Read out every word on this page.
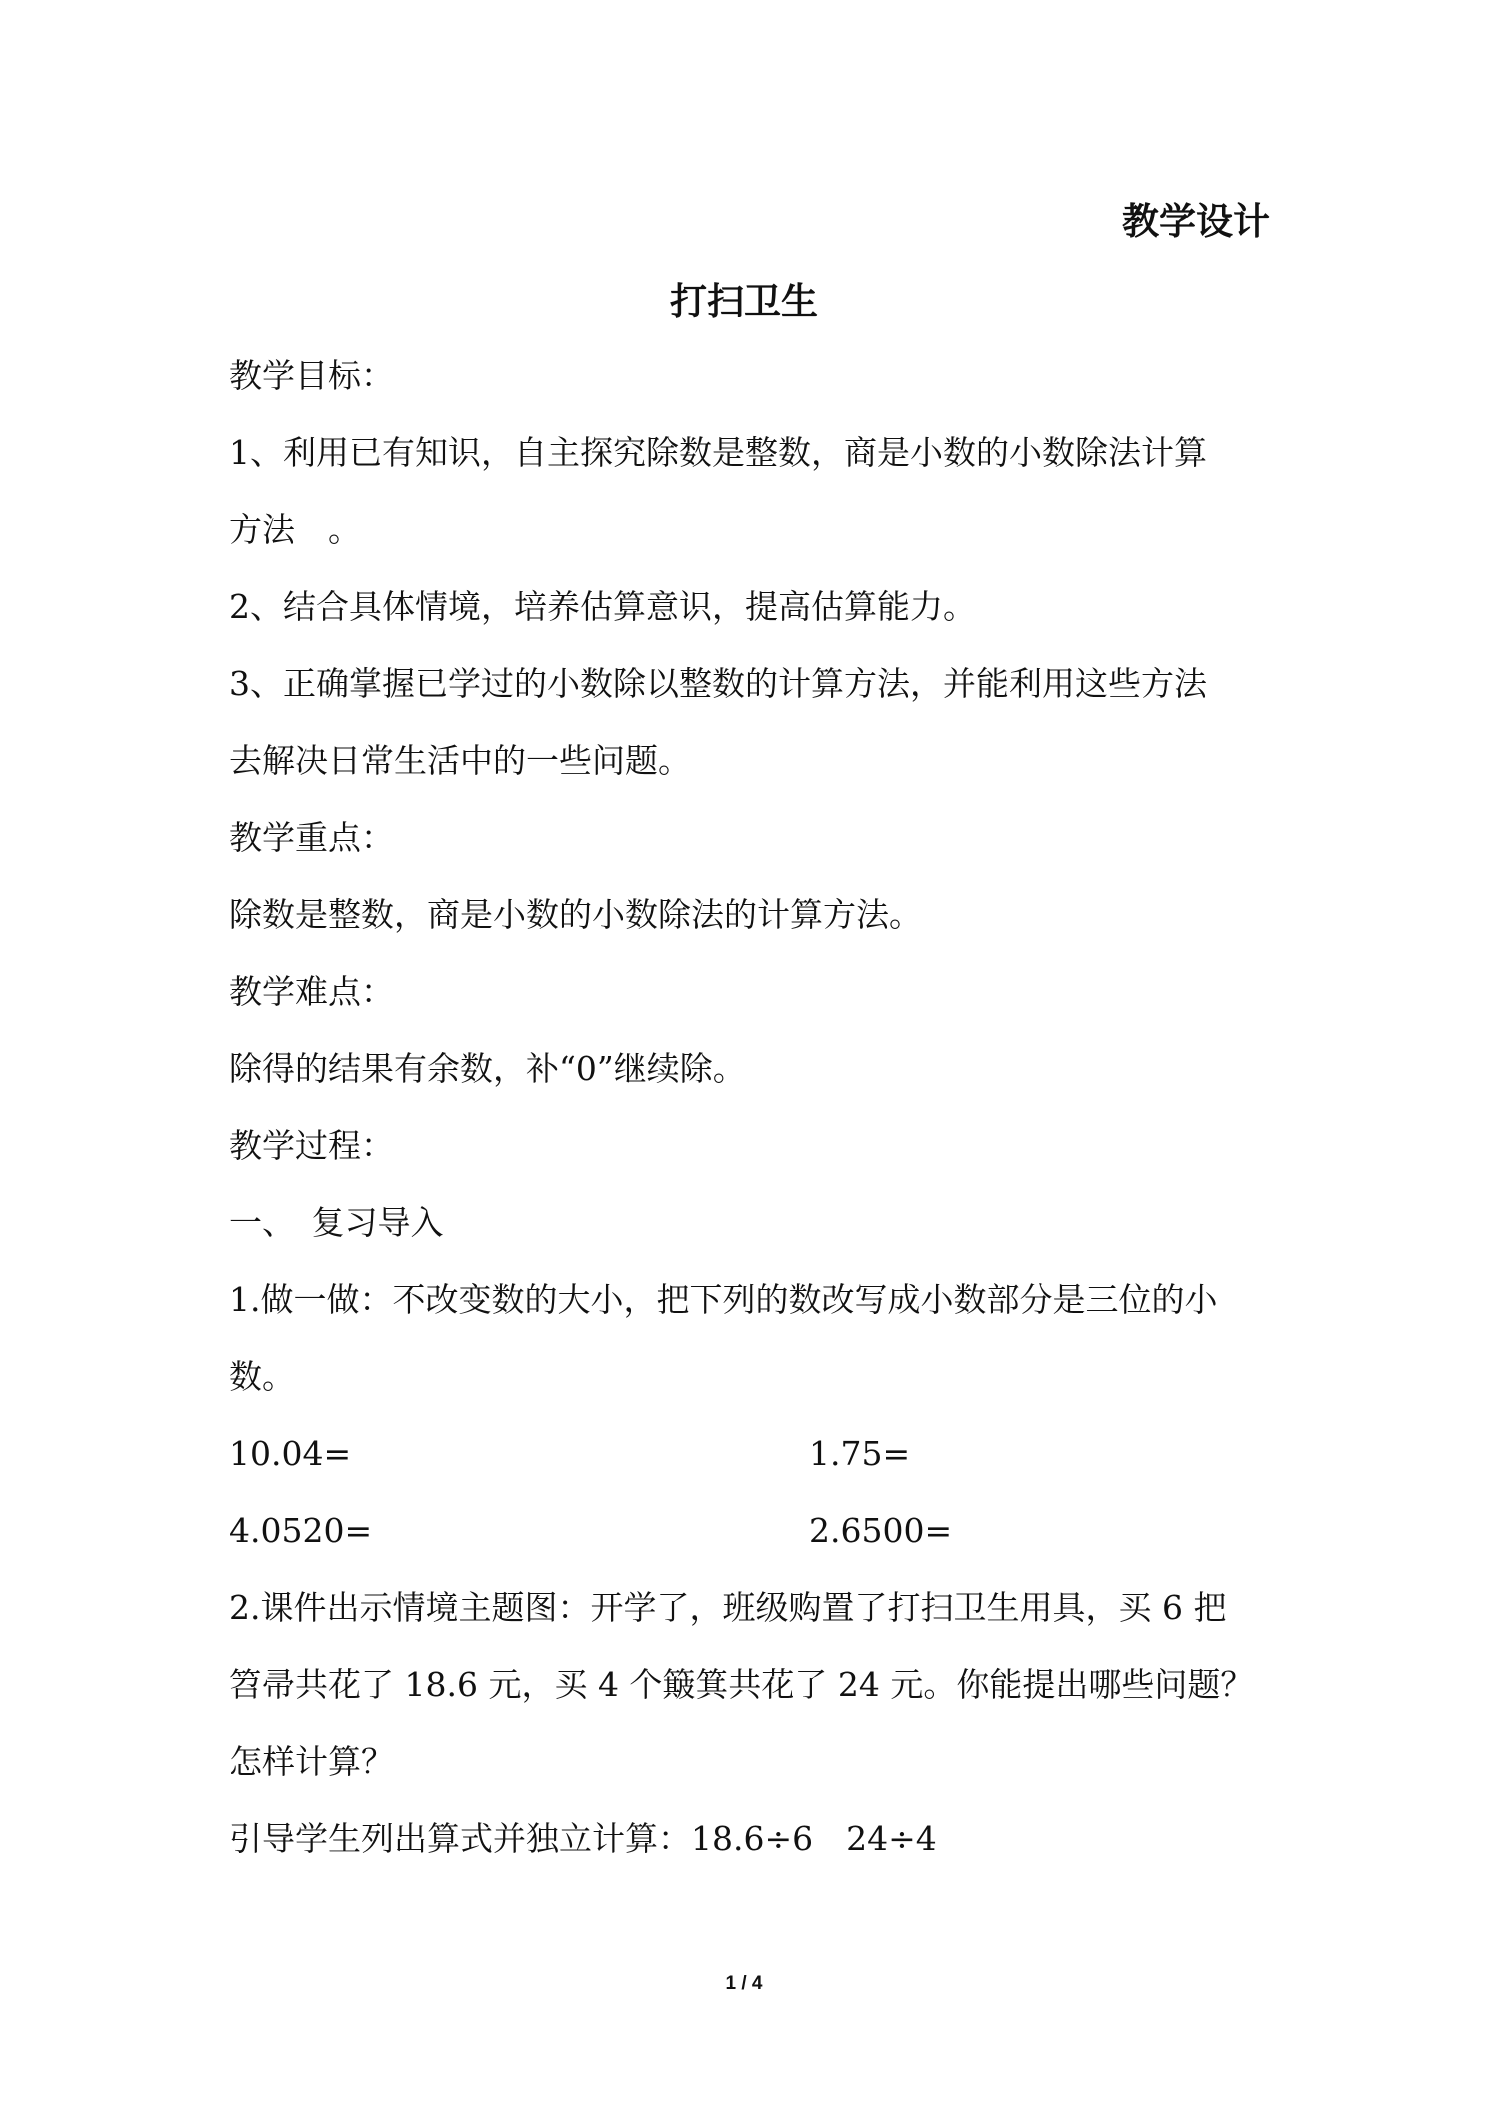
教学设计
打扫卫生
教学目标：
1、利用已有知识，自主探究除数是整数，商是小数的小数除法计算
方法　。
2、结合具体情境，培养估算意识，提高估算能力。
3、正确掌握已学过的小数除以整数的计算方法，并能利用这些方法
去解决日常生活中的一些问题。
教学重点：
除数是整数，商是小数的小数除法的计算方法。
教学难点：
除得的结果有余数，补“0”继续除。
教学过程：
一、　复习导入
1.做一做：不改变数的大小，把下列的数改写成小数部分是三位的小
数。
10.04=	1.75=
4.0520=	2.6500=
2.课件出示情境主题图：开学了，班级购置了打扫卫生用具，买 6 把
笤帚共花了 18.6 元，买 4 个簸箕共花了 24 元。你能提出哪些问题？
怎样计算？
引导学生列出算式并独立计算：18.6÷6　24÷4
1 / 4
